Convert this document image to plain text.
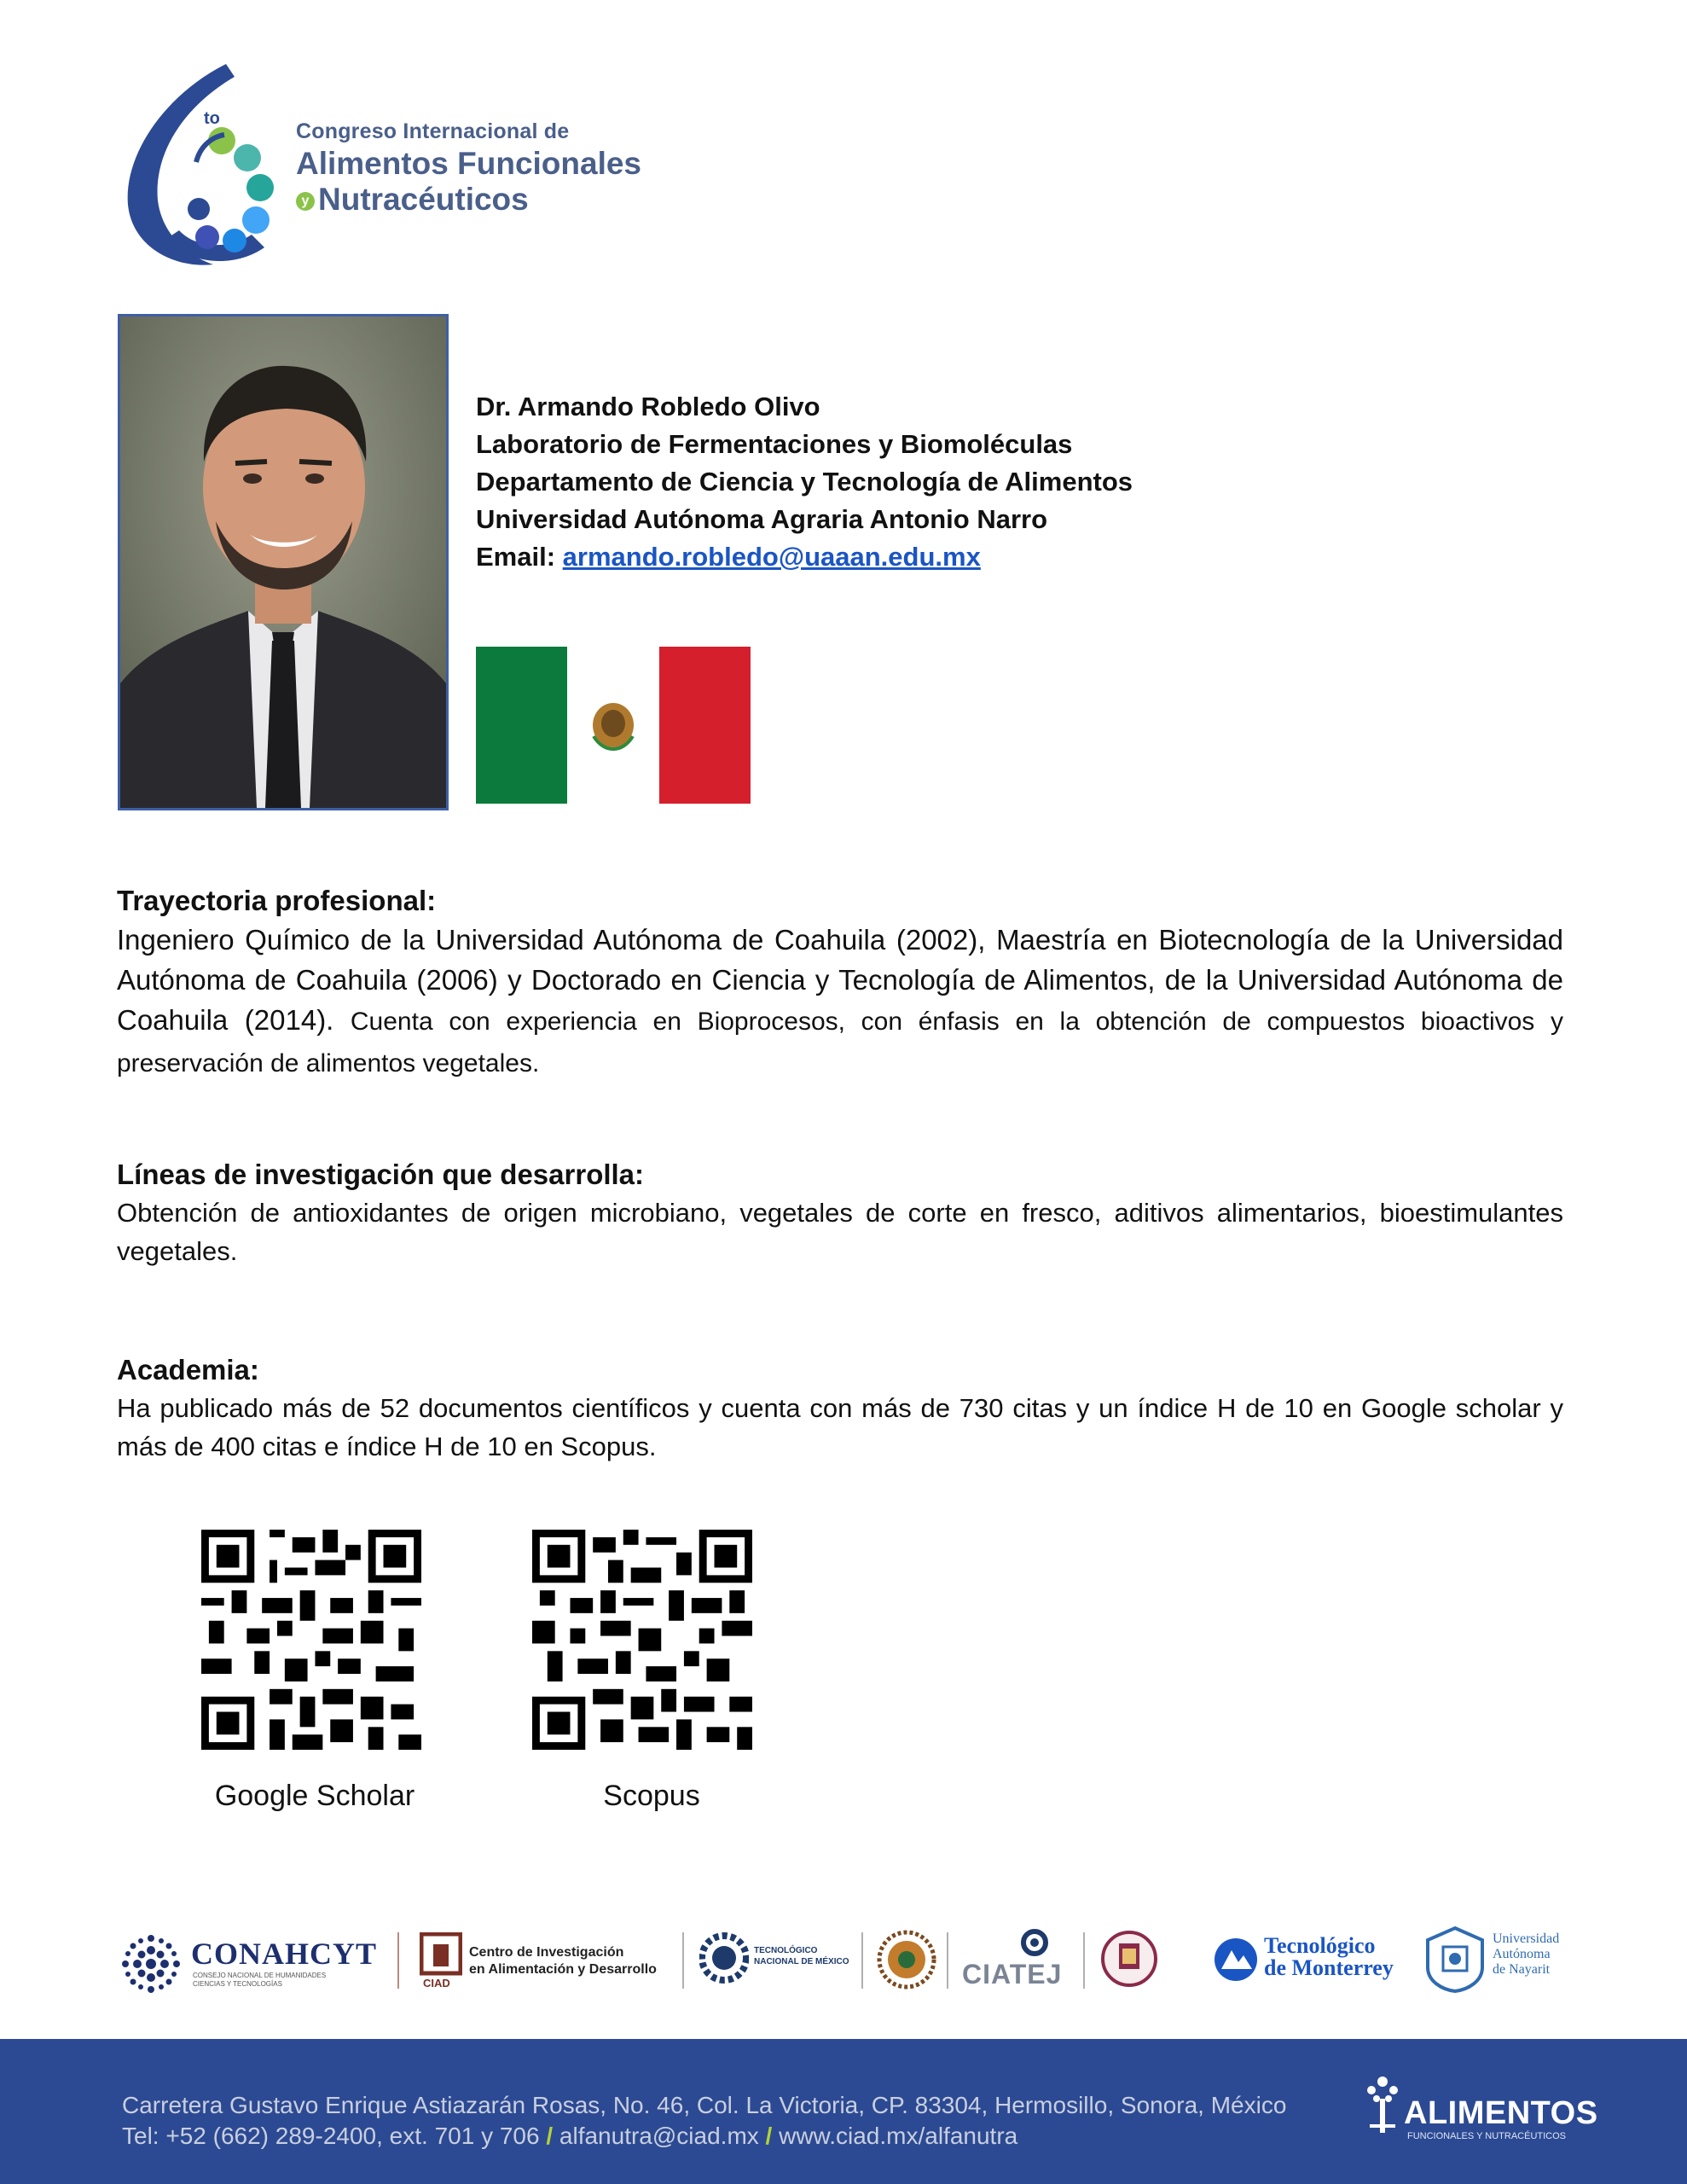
to
Congreso Internacional de
Alimentos Funcionales
y Nutracéuticos
Dr. Armando Robledo Olivo
Laboratorio de Fermentaciones y Biomoléculas
Departamento de Ciencia y Tecnología de Alimentos
Universidad Autónoma Agraria Antonio Narro
Email: armando.robledo@uaaan.edu.mx
Trayectoria profesional:

Ingeniero Químico de la Universidad Autónoma de Coahuila (2002), Maestría en Biotecnología de la Universidad Autónoma de Coahuila (2006) y Doctorado en Ciencia y Tecnología de Alimentos, de la Universidad Autónoma de Coahuila (2014). Cuenta con experiencia en Bioprocesos, con énfasis en la obtención de compuestos bioactivos y preservación de alimentos vegetales.

Líneas de investigación que desarrolla:

Obtención de antioxidantes de origen microbiano, vegetales de corte en fresco, aditivos alimentarios, bioestimulantes vegetales.

Academia:

Ha publicado más de 52 documentos científicos y cuenta con más de 730 citas y un índice H de 10 en Google scholar y más de 400 citas e índice H de 10 en Scopus.

Google Scholar	Scopus
CONAHCYT
CONSEJO NACIONAL DE HUMANIDADES
CIENCIAS Y TECNOLOGÍAS	CIAD
Centro de Investigación
en Alimentación y Desarrollo
TECNOLÓGICO
NACIONAL DE MÉXICO	CIATEJ
Tecnológico
de Monterrey
Universidad
Autónoma
de Nayarit
Carretera Gustavo Enrique Astiazarán Rosas, No. 46, Col. La Victoria, CP. 83304, Hermosillo, Sonora, México
Tel: +52 (662) 289-2400, ext. 701 y 706 / alfanutra@ciad.mx / www.ciad.mx/alfanutra
ALIMENTOS
FUNCIONALES Y NUTRACÉUTICOS
